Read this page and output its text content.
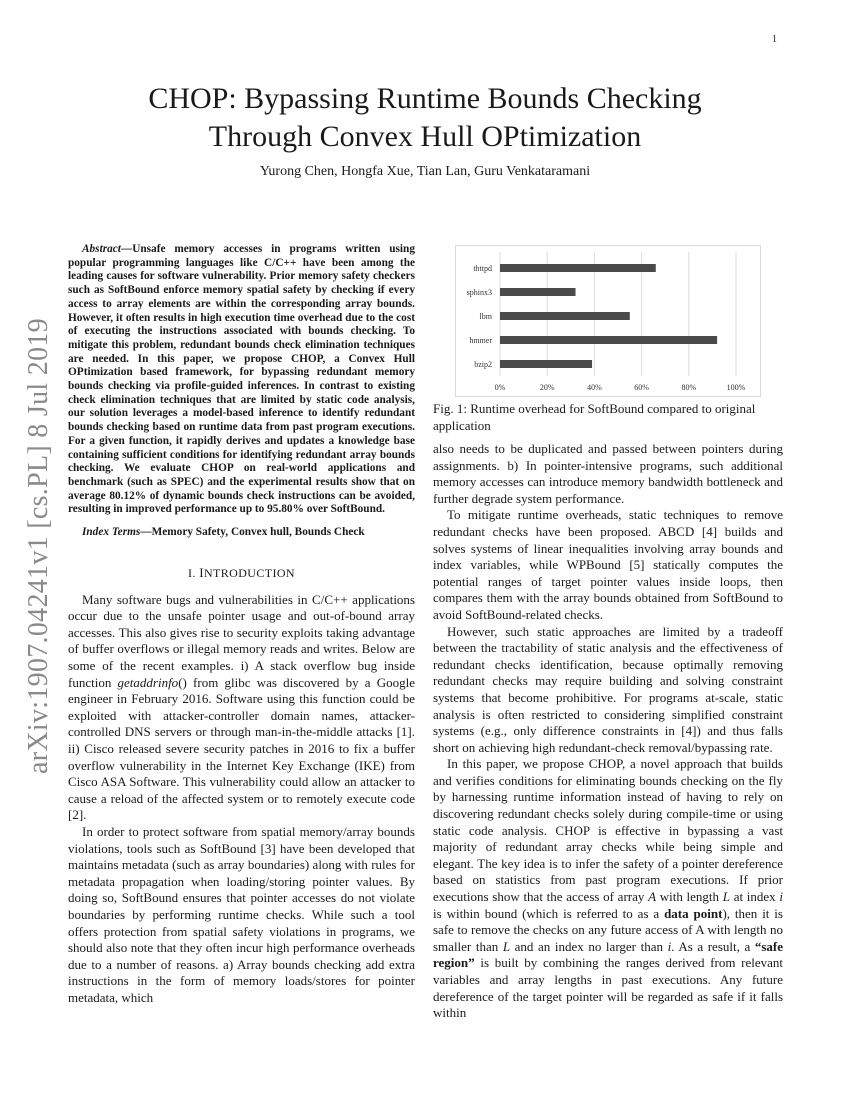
1
arXiv:1907.04241v1 [cs.PL] 8 Jul 2019
CHOP: Bypassing Runtime Bounds Checking
Through Convex Hull OPtimization
Yurong Chen, Hongfa Xue, Tian Lan, Guru Venkataramani
Abstract—Unsafe memory accesses in programs written using popular programming languages like C/C++ have been among the leading causes for software vulnerability. Prior memory safety checkers such as SoftBound enforce memory spatial safety by checking if every access to array elements are within the corresponding array bounds. However, it often results in high execution time overhead due to the cost of executing the instructions associated with bounds checking. To mitigate this problem, redundant bounds check elimination techniques are needed. In this paper, we propose CHOP, a Convex Hull OPtimization based framework, for bypassing redundant memory bounds checking via profile-guided inferences. In contrast to existing check elimination techniques that are limited by static code analysis, our solution leverages a model-based inference to identify redundant bounds checking based on runtime data from past program executions. For a given function, it rapidly derives and updates a knowledge base containing sufficient conditions for identifying redundant array bounds checking. We evaluate CHOP on real-world applications and benchmark (such as SPEC) and the experimental results show that on average 80.12% of dynamic bounds check instructions can be avoided, resulting in improved performance up to 95.80% over SoftBound.
Index Terms—Memory Safety, Convex hull, Bounds Check
I. INTRODUCTION

Many software bugs and vulnerabilities in C/C++ applications occur due to the unsafe pointer usage and out-of-bound array accesses. This also gives rise to security exploits taking advantage of buffer overflows or illegal memory reads and writes. Below are some of the recent examples. i) A stack overflow bug inside function getaddrinfo() from glibc was discovered by a Google engineer in February 2016. Software using this function could be exploited with attacker-controller domain names, attacker-controlled DNS servers or through man-in-the-middle attacks [1]. ii) Cisco released severe security patches in 2016 to fix a buffer overflow vulnerability in the Internet Key Exchange (IKE) from Cisco ASA Software. This vulnerability could allow an attacker to cause a reload of the affected system or to remotely execute code [2].

In order to protect software from spatial memory/array bounds violations, tools such as SoftBound [3] have been developed that maintains metadata (such as array boundaries) along with rules for metadata propagation when loading/storing pointer values. By doing so, SoftBound ensures that pointer accesses do not violate boundaries by performing runtime checks. While such a tool offers protection from spatial safety violations in programs, we should also note that they often incur high performance overheads due to a number of reasons. a) Array bounds checking add extra instructions in the form of memory loads/stores for pointer metadata, which

0%	20%	40%	60%	80%	100%
thttpd
sphinx3
lbm
hmmer
bzip2
Fig. 1: Runtime overhead for SoftBound compared to original application

also needs to be duplicated and passed between pointers during assignments. b) In pointer-intensive programs, such additional memory accesses can introduce memory bandwidth bottleneck and further degrade system performance.

To mitigate runtime overheads, static techniques to remove redundant checks have been proposed. ABCD [4] builds and solves systems of linear inequalities involving array bounds and index variables, while WPBound [5] statically computes the potential ranges of target pointer values inside loops, then compares them with the array bounds obtained from SoftBound to avoid SoftBound-related checks.

However, such static approaches are limited by a tradeoff between the tractability of static analysis and the effectiveness of redundant checks identification, because optimally removing redundant checks may require building and solving constraint systems that become prohibitive. For programs at-scale, static analysis is often restricted to considering simplified constraint systems (e.g., only difference constraints in [4]) and thus falls short on achieving high redundant-check removal/bypassing rate.

In this paper, we propose CHOP, a novel approach that builds and verifies conditions for eliminating bounds checking on the fly by harnessing runtime information instead of having to rely on discovering redundant checks solely during compile-time or using static code analysis. CHOP is effective in bypassing a vast majority of redundant array checks while being simple and elegant. The key idea is to infer the safety of a pointer dereference based on statistics from past program executions. If prior executions show that the access of array A with length L at index i is within bound (which is referred to as a data point), then it is safe to remove the checks on any future access of A with length no smaller than L and an index no larger than i. As a result, a “safe region” is built by combining the ranges derived from relevant variables and array lengths in past executions. Any future dereference of the target pointer will be regarded as safe if it falls within
